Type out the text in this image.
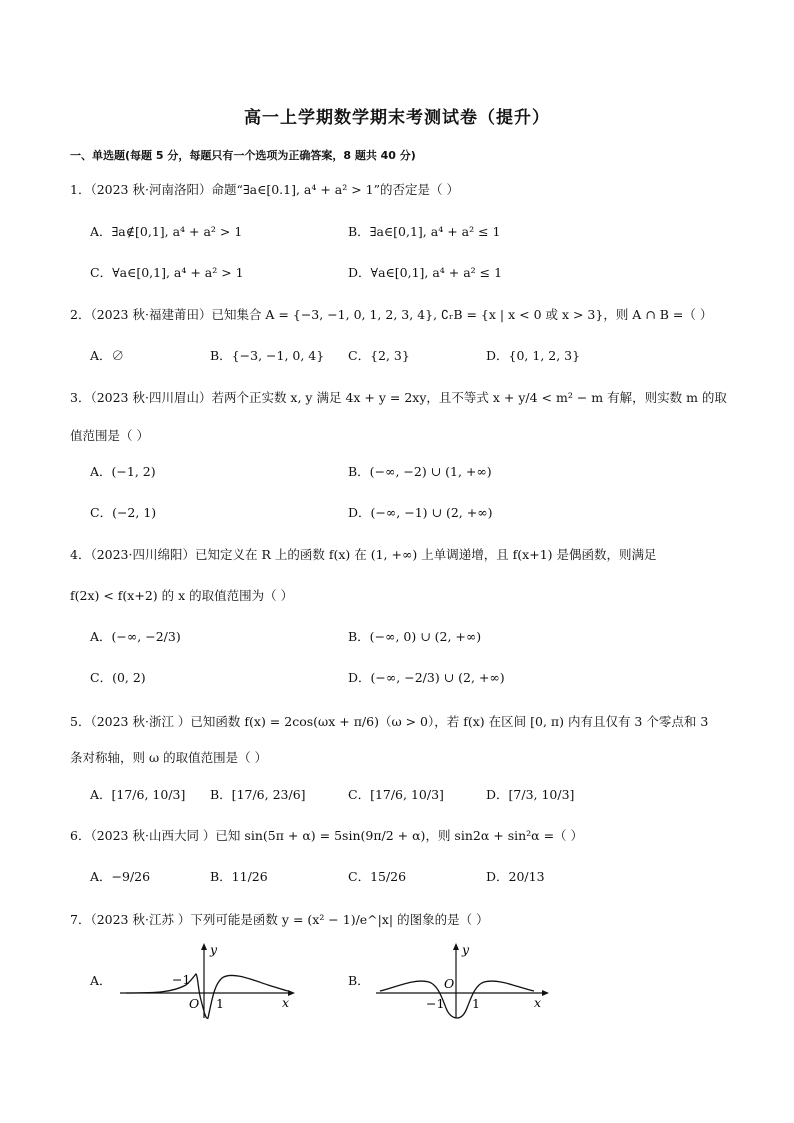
高一上学期数学期末考测试卷（提升）
一、单选题(每题 5 分，每题只有一个选项为正确答案，8 题共 40 分)
1．（2023 秋·河南洛阳）命题“∃a∈[0.1], a⁴ + a² > 1”的否定是（ ）
A．∃a∉[0,1], a⁴ + a² > 1	B．∃a∈[0,1], a⁴ + a² ≤ 1
C．∀a∈[0,1], a⁴ + a² > 1	D．∀a∈[0,1], a⁴ + a² ≤ 1
2．（2023 秋·福建莆田）已知集合 A = {−3, −1, 0, 1, 2, 3, 4}, ∁ᵣB = {x | x < 0 或 x > 3}，则 A ∩ B =（ ）
A．∅	B．{−3, −1, 0, 4} C．{2, 3}	D．{0, 1, 2, 3}
3．（2023 秋·四川眉山）若两个正实数 x, y 满足 4x + y = 2xy，且不等式 x + y/4 < m² − m 有解，则实数 m 的取
值范围是（ ）
A．(−1, 2)	B．(−∞, −2) ∪ (1, +∞)
C．(−2, 1)	D．(−∞, −1) ∪ (2, +∞)
4．（2023·四川绵阳）已知定义在 R 上的函数 f(x) 在 (1, +∞) 上单调递增，且 f(x+1) 是偶函数，则满足
f(2x) < f(x+2) 的 x 的取值范围为（ ）
A．(−∞, −2/3)	B．(−∞, 0) ∪ (2, +∞)
C．(0, 2)	D．(−∞, −2/3) ∪ (2, +∞)
5．（2023 秋·浙江 ）已知函数 f(x) = 2cos(ωx + π/6)（ω > 0），若 f(x) 在区间 [0, π) 内有且仅有 3 个零点和 3
条对称轴，则 ω 的取值范围是（ ）
A．[17/6, 10/3] B．[17/6, 23/6]	C．[17/6, 10/3]	D．[7/3, 10/3]
6．（2023 秋·山西大同 ）已知 sin(5π + α) = 5sin(9π/2 + α)，则 sin2α + sin²α =（ ）
A．−9/26	B．11/26	C．15/26	D．20/13
7．（2023 秋·江苏 ）下列可能是函数 y = (x² − 1)/e^|x| 的图象的是（ ）
A．	B．
y
x
O
−1
1
y
x
O
−1 1
